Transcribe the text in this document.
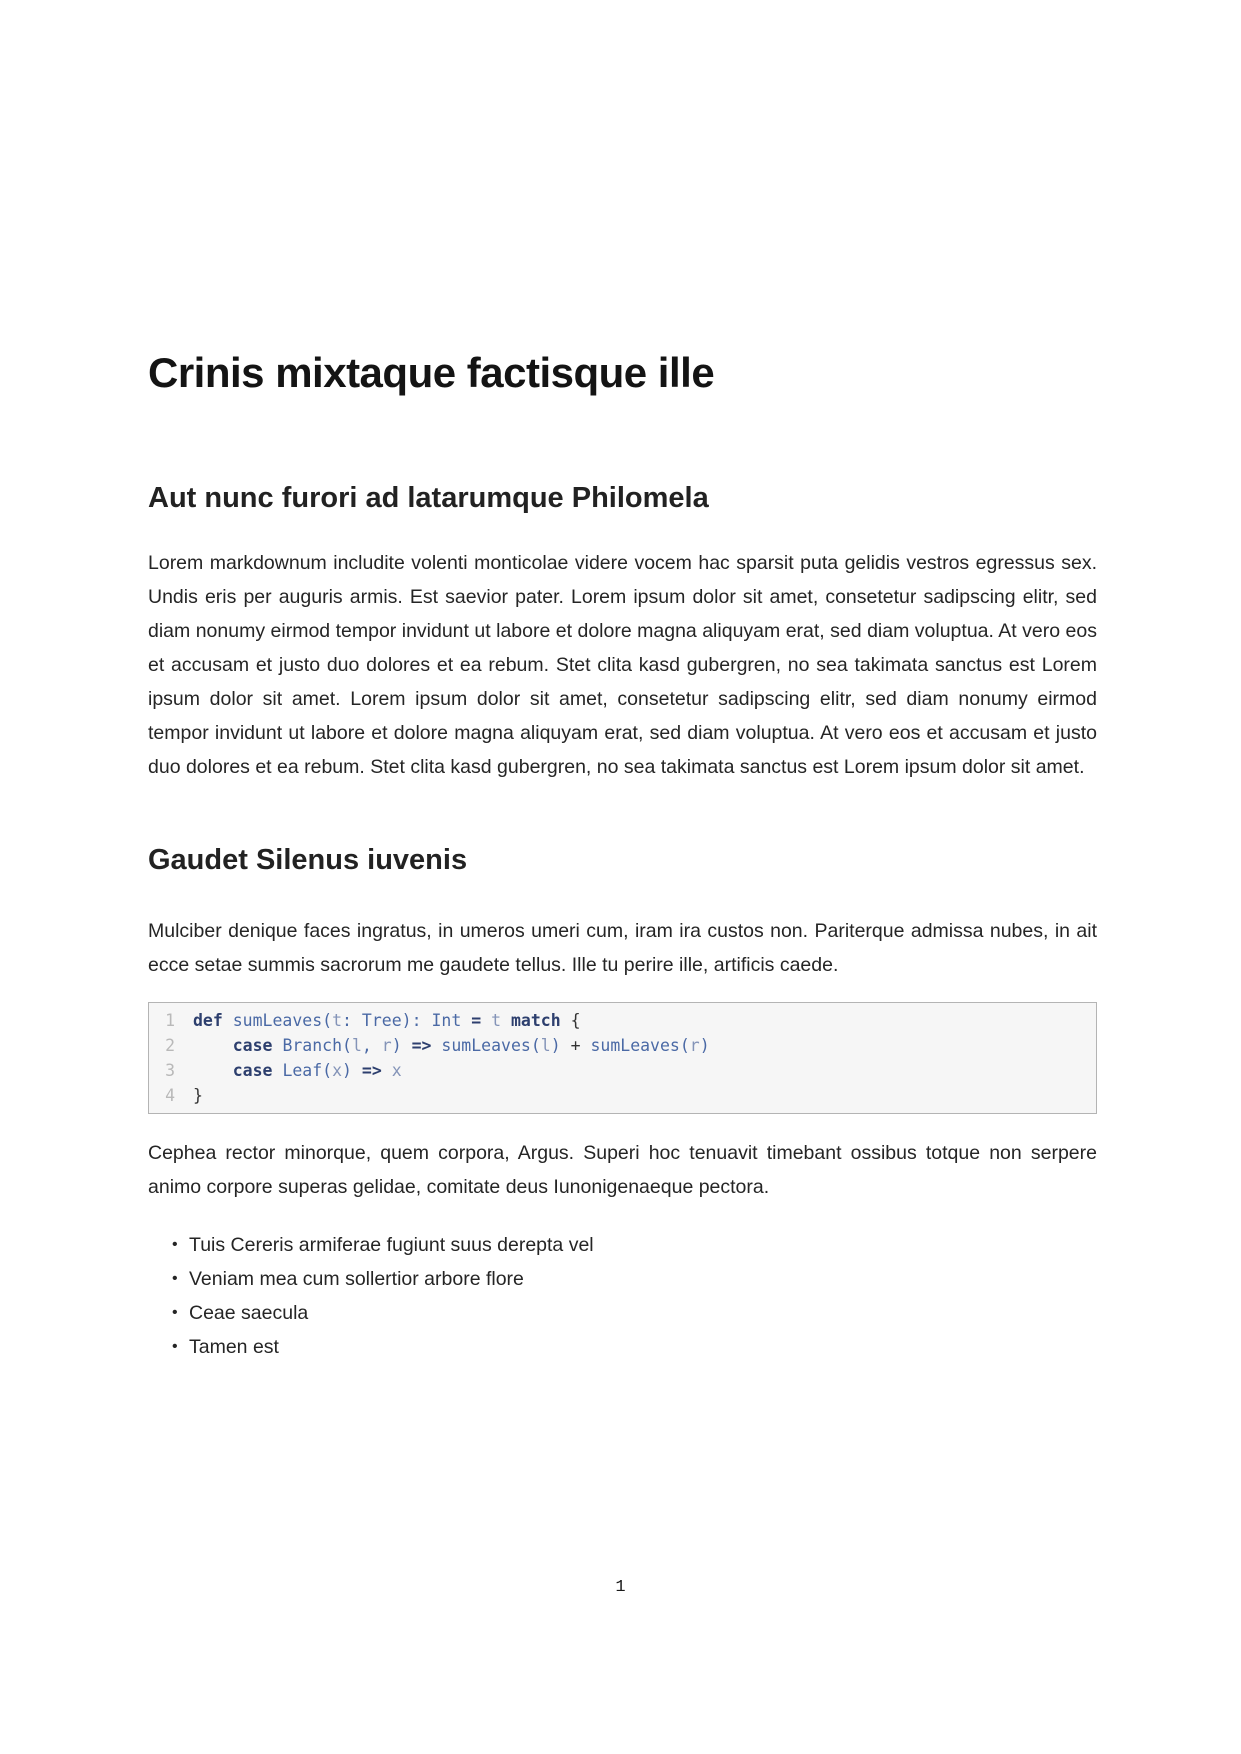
Crinis mixtaque factisque ille
Aut nunc furori ad latarumque Philomela

Lorem markdownum includite volenti monticolae videre vocem hac sparsit puta gelidis vestros egressus sex. Undis eris per auguris armis. Est saevior pater. Lorem ipsum dolor sit amet, consetetur sadipscing elitr, sed diam nonumy eirmod tempor invidunt ut labore et dolore magna aliquyam erat, sed diam voluptua. At vero eos et accusam et justo duo dolores et ea rebum. Stet clita kasd gubergren, no sea takimata sanctus est Lorem ipsum dolor sit amet. Lorem ipsum dolor sit amet, consetetur sadipscing elitr, sed diam nonumy eirmod tempor invidunt ut labore et dolore magna aliquyam erat, sed diam voluptua. At vero eos et accusam et justo duo dolores et ea rebum. Stet clita kasd gubergren, no sea takimata sanctus est Lorem ipsum dolor sit amet.

Gaudet Silenus iuvenis

Mulciber denique faces ingratus, in umeros umeri cum, iram ira custos non. Pariterque admissa nubes, in ait ecce setae summis sacrorum me gaudete tellus. Ille tu perire ille, artificis caede.

1 def sumLeaves(t: Tree): Int = t match {
2	case Branch(l, r) => sumLeaves(l) + sumLeaves(r)
3	case Leaf(x) => x
4 }

Cephea rector minorque, quem corpora, Argus. Superi hoc tenuavit timebant ossibus totque non serpere animo corpore superas gelidae, comitate deus Iunonigenaeque pectora.

• Tuis Cereris armiferae fugiunt suus derepta vel
• Veniam mea cum sollertior arbore flore
• Ceae saecula
• Tamen est
1
